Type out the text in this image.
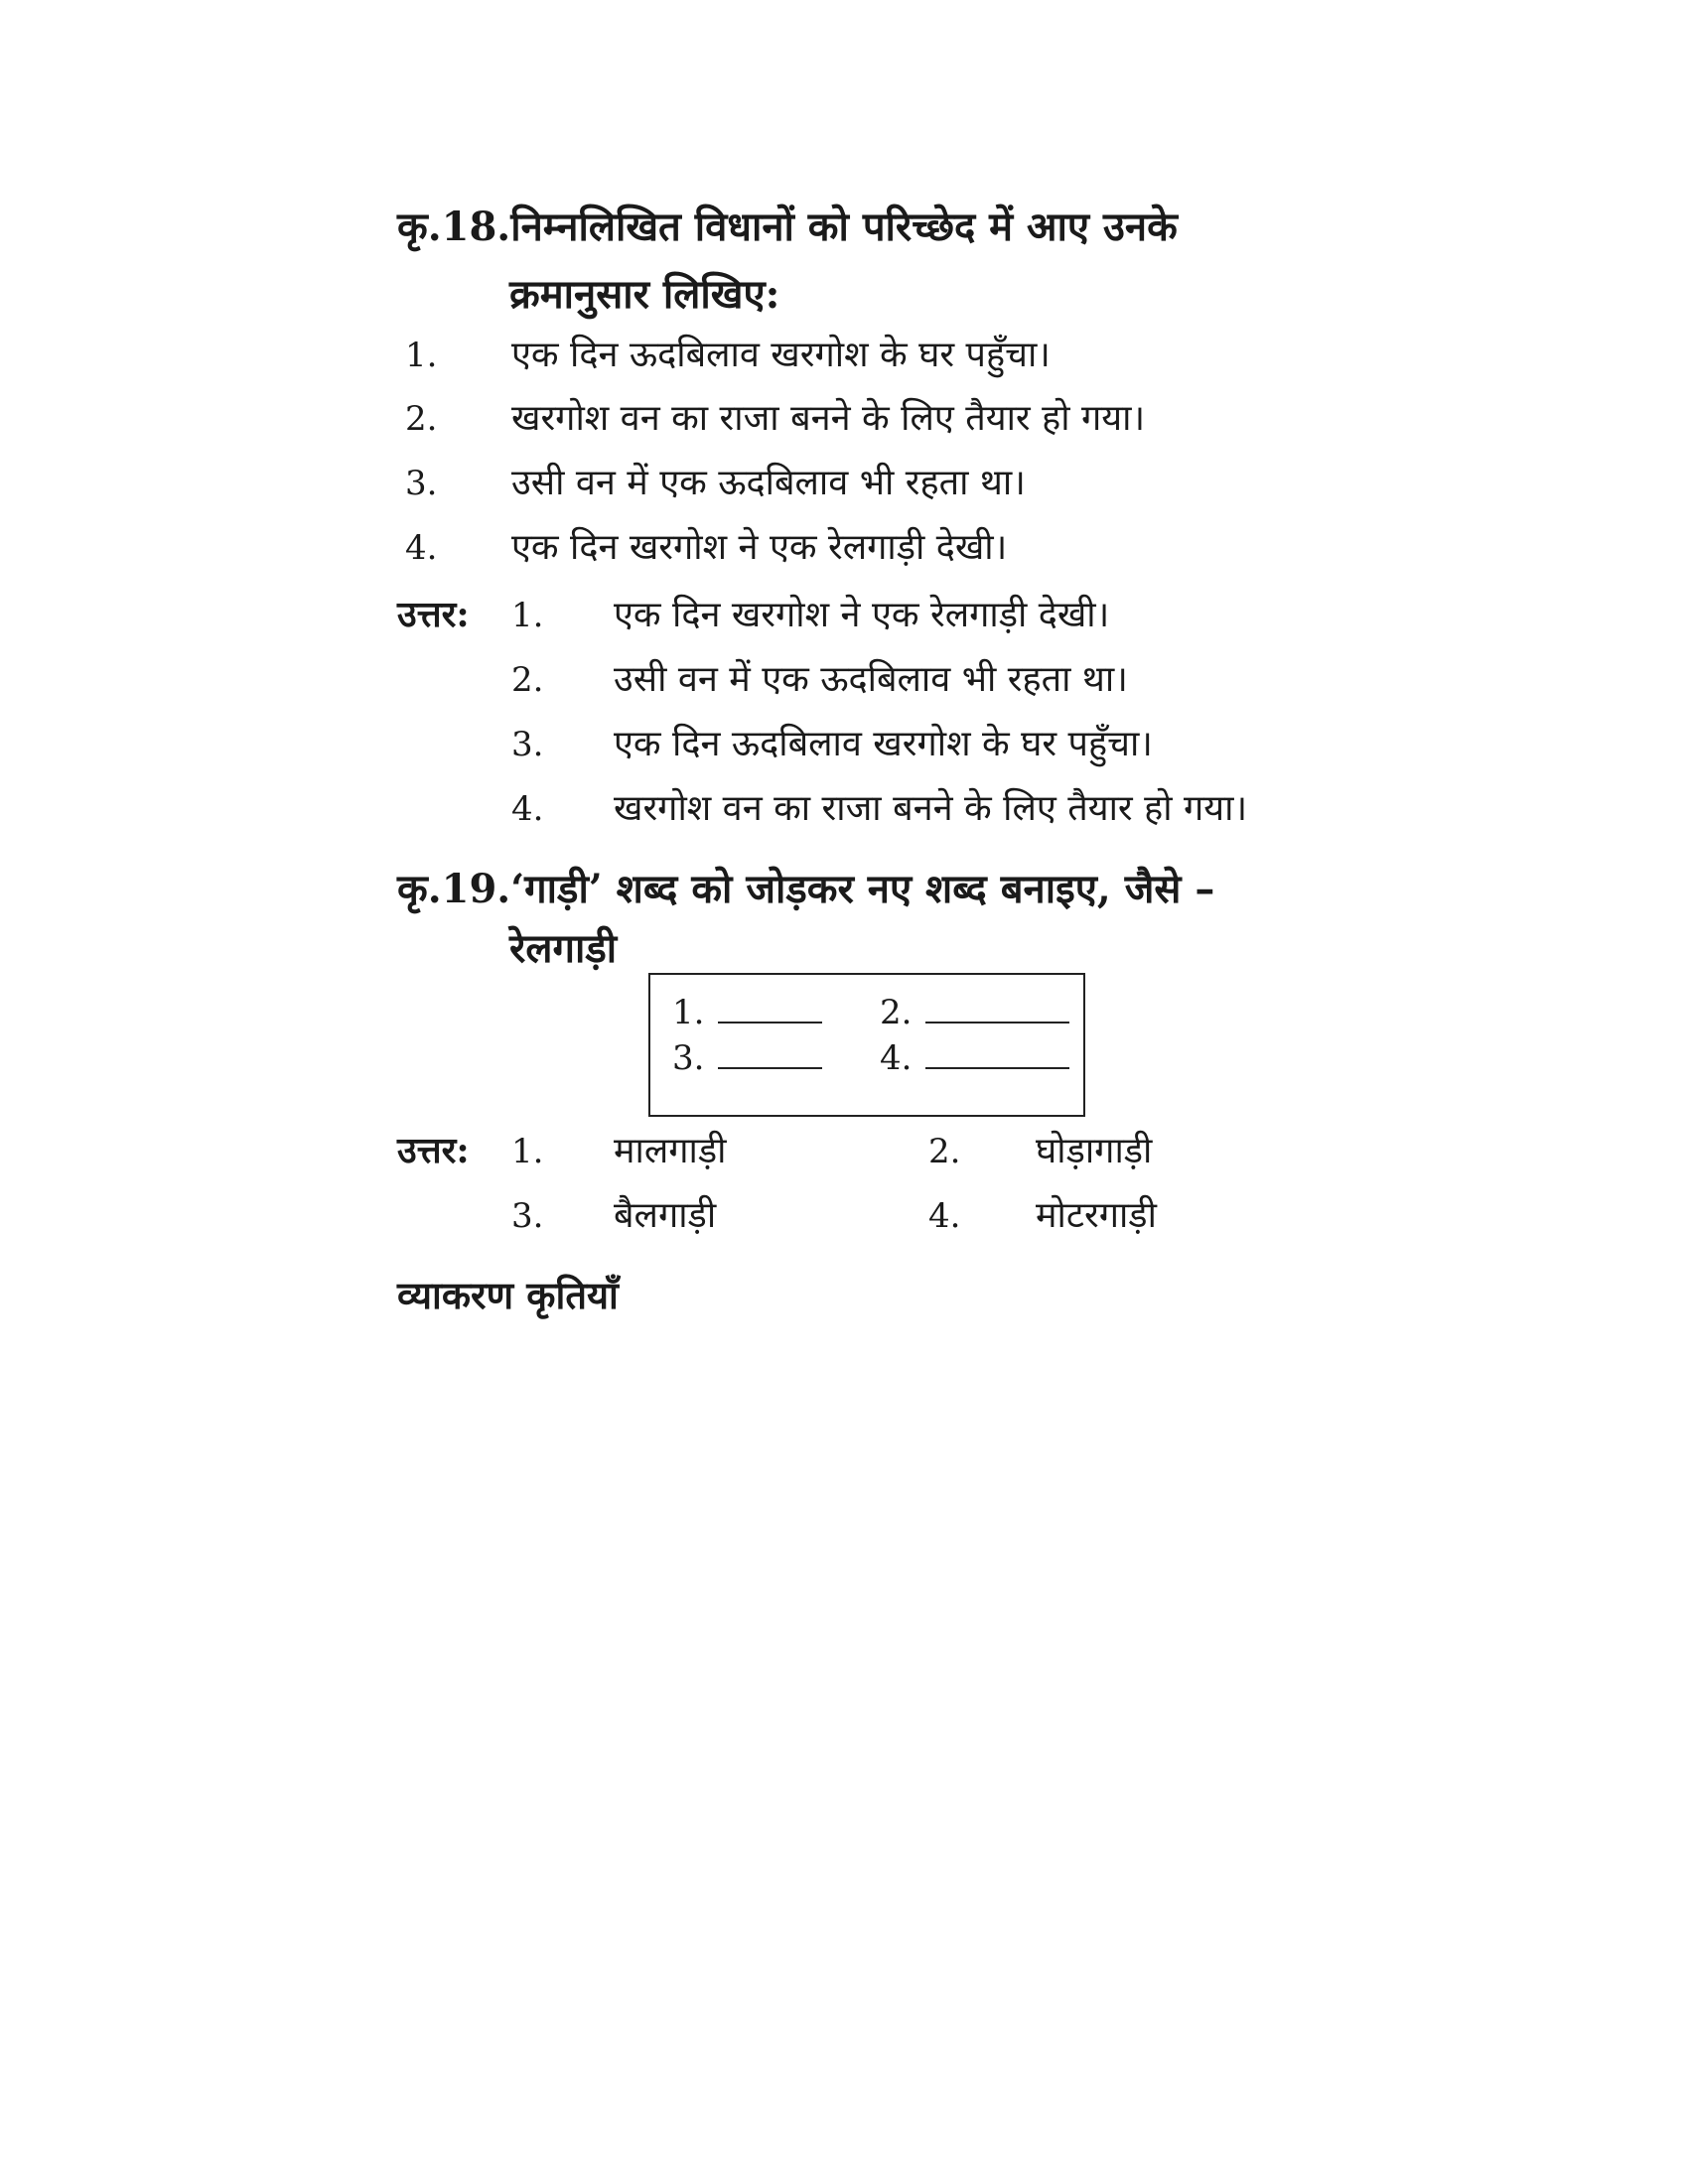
कृ.18.निम्नलिखित विधानों को परिच्छेद में आए उनके
क्रमानुसार लिखिए:
1. एक दिन ऊदबिलाव खरगोश के घर पहुँचा।
2. खरगोश वन का राजा बनने के लिए तैयार हो गया।
3. उसी वन में एक ऊदबिलाव भी रहता था।
4. एक दिन खरगोश ने एक रेलगाड़ी देखी।
उत्तर: 1. एक दिन खरगोश ने एक रेलगाड़ी देखी।
2. उसी वन में एक ऊदबिलाव भी रहता था।
3. एक दिन ऊदबिलाव खरगोश के घर पहुँचा।
4. खरगोश वन का राजा बनने के लिए तैयार हो गया।
कृ.19.‘गाड़ी’ शब्द को जोड़कर नए शब्द बनाइए, जैसे –
रेलगाड़ी
1.	2.
3.	4.
उत्तर: 1. मालगाड़ी	2. घोड़ागाड़ी
3. बैलगाड़ी	4. मोटरगाड़ी
व्याकरण कृतियाँ
